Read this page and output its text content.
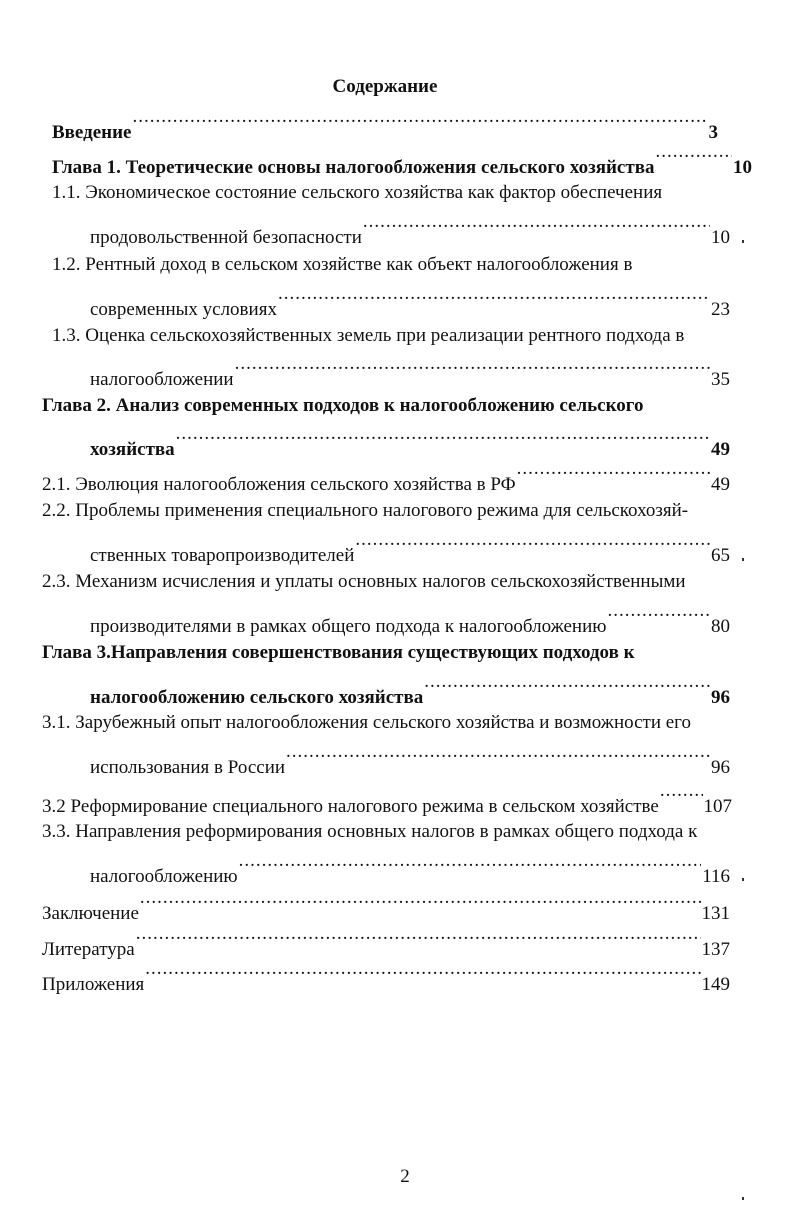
Содержание
Введение .....	3
Глава 1. Теоретические основы налогообложения сельского хозяйства .....	10
1.1. Экономическое состояние сельского хозяйства как фактор обеспечения
продовольственной безопасности .....	10
1.2. Рентный доход в сельском хозяйстве как объект налогообложения в
современных условиях .....	23
1.3. Оценка сельскохозяйственных земель при реализации рентного подхода в
налогообложении .....	35
Глава 2. Анализ современных подходов к налогообложению сельского
хозяйства .....	49
2.1. Эволюция налогообложения сельского хозяйства в РФ .....	49
2.2. Проблемы применения специального налогового режима для сельскохозяй-
ственных товаропроизводителей .....	65
2.3. Механизм исчисления и уплаты основных налогов сельскохозяйственными
производителями в рамках общего подхода к налогообложению .....	80
Глава 3.Направления совершенствования существующих подходов к
налогообложению сельского хозяйства .....	96
3.1. Зарубежный опыт налогообложения сельского хозяйства и возможности его
использования в России .....	96
3.2 Реформирование специального налогового режима в сельском хозяйстве ..... 107
3.3. Направления реформирования основных налогов в рамках общего подхода к
налогообложению .....	116
Заключение .....	131
Литература .....	137
Приложения .....	149
2
